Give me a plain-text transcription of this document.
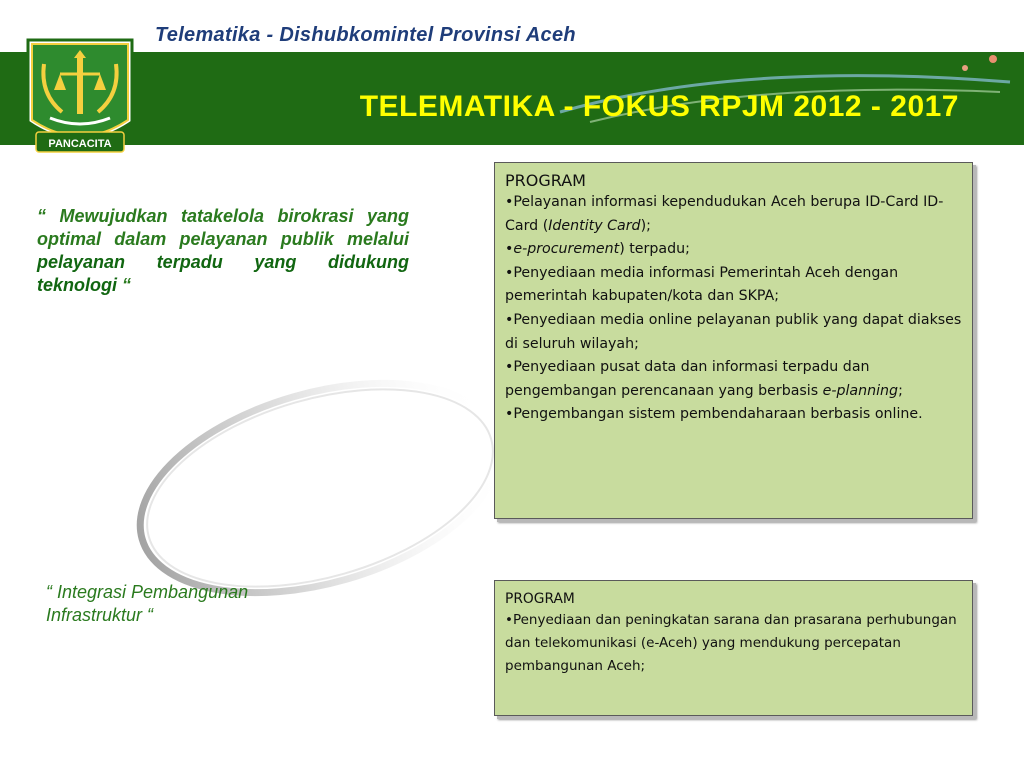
Telematika - Dishubkomintel Provinsi Aceh
PANCACITA
TELEMATIKA - FOKUS RPJM 2012 - 2017

“ Mewujudkan tatakelola birokrasi yang optimal dalam pelayanan publik melalui pelayanan terpadu yang didukung teknologi “

“ Integrasi Pembangunan Infrastruktur “

PROGRAM
• Pelayanan informasi kependudukan Aceh berupa ID-Card ID-Card (Identity Card);
• e-procurement) terpadu;
• Penyediaan media informasi Pemerintah Aceh dengan pemerintah kabupaten/kota dan SKPA;
• Penyediaan media online pelayanan publik yang dapat diakses di seluruh wilayah;
• Penyediaan pusat data dan informasi terpadu dan pengembangan perencanaan yang berbasis e-planning;
• Pengembangan sistem pembendaharaan berbasis online.
PROGRAM
• Penyediaan dan peningkatan sarana dan prasarana perhubungan dan telekomunikasi (e-Aceh) yang mendukung percepatan pembangunan Aceh;
